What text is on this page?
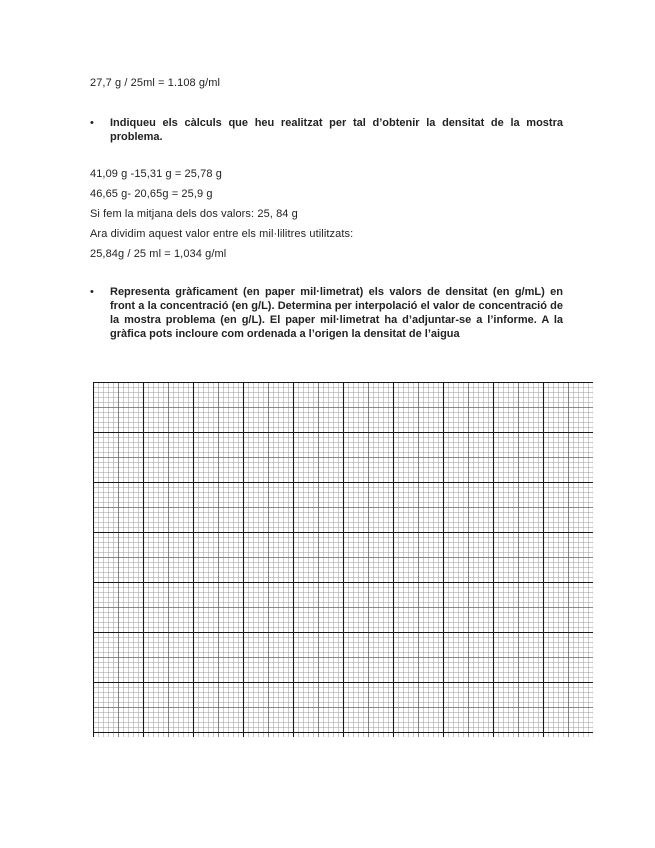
27,7 g / 25ml = 1.108 g/ml
• Indiqueu els càlculs que heu realitzat per tal d’obtenir la densitat de la mostra problema.
41,09 g -15,31 g = 25,78 g
46,65 g- 20,65g = 25,9 g
Si fem la mitjana dels dos valors: 25, 84 g
Ara dividim aquest valor entre els mil·lilitres utilitzats:
25,84g / 25 ml = 1,034 g/ml
• Representa gràficament (en paper mil·limetrat) els valors de densitat (en g/mL) en front a la concentració (en g/L). Determina per interpolació el valor de concentració de la mostra problema (en g/L). El paper mil·limetrat ha d’adjuntar-se a l’informe. A la gràfica pots incloure com ordenada a l’origen la densitat de l’aigua
